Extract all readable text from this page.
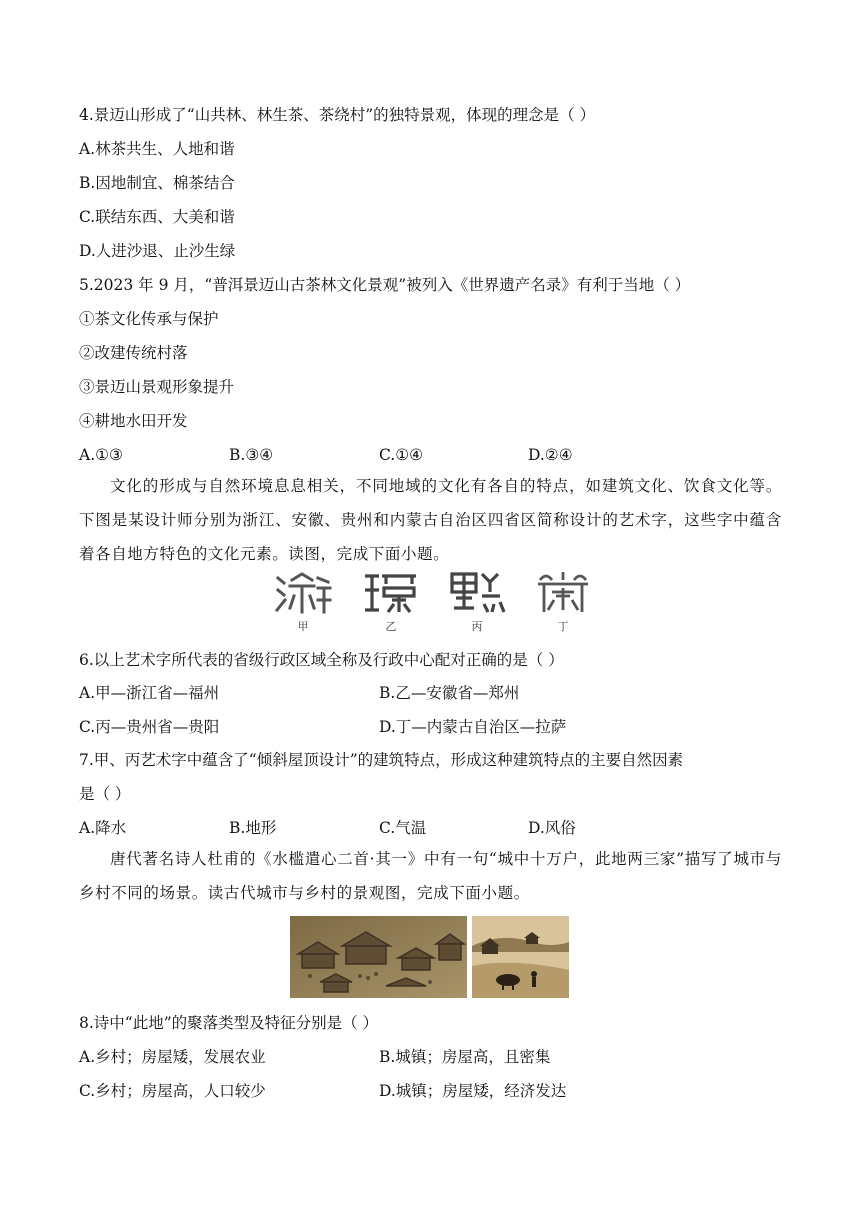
4.景迈山形成了“山共林、林生茶、茶绕村”的独特景观，体现的理念是（ ）
A.林茶共生、人地和谐
B.因地制宜、棉茶结合
C.联结东西、大美和谐
D.人进沙退、止沙生绿
5.2023 年 9 月，“普洱景迈山古茶林文化景观”被列入《世界遗产名录》有利于当地（ ）
①茶文化传承与保护
②改建传统村落
③景迈山景观形象提升
④耕地水田开发
A.①③	B.③④	C.①④	D.②④
文化的形成与自然环境息息相关，不同地域的文化有各自的特点，如建筑文化、饮食文化等。下图是某设计师分别为浙江、安徽、贵州和内蒙古自治区四省区简称设计的艺术字，这些字中蕴含着各自地方特色的文化元素。读图，完成下面小题。
甲	乙	丙	丁
6.以上艺术字所代表的省级行政区域全称及行政中心配对正确的是（ ）
A.甲—浙江省—福州	B.乙—安徽省—郑州
C.丙—贵州省—贵阳	D.丁—内蒙古自治区—拉萨
7.甲、丙艺术字中蕴含了“倾斜屋顶设计”的建筑特点，形成这种建筑特点的主要自然因素
是（ ）
A.降水	B.地形	C.气温	D.风俗
唐代著名诗人杜甫的《水槛遣心二首·其一》中有一句“城中十万户，此地两三家”描写了城市与乡村不同的场景。读古代城市与乡村的景观图，完成下面小题。
8.诗中“此地”的聚落类型及特征分别是（ ）
A.乡村；房屋矮，发展农业	B.城镇；房屋高，且密集
C.乡村；房屋高，人口较少	D.城镇；房屋矮，经济发达
